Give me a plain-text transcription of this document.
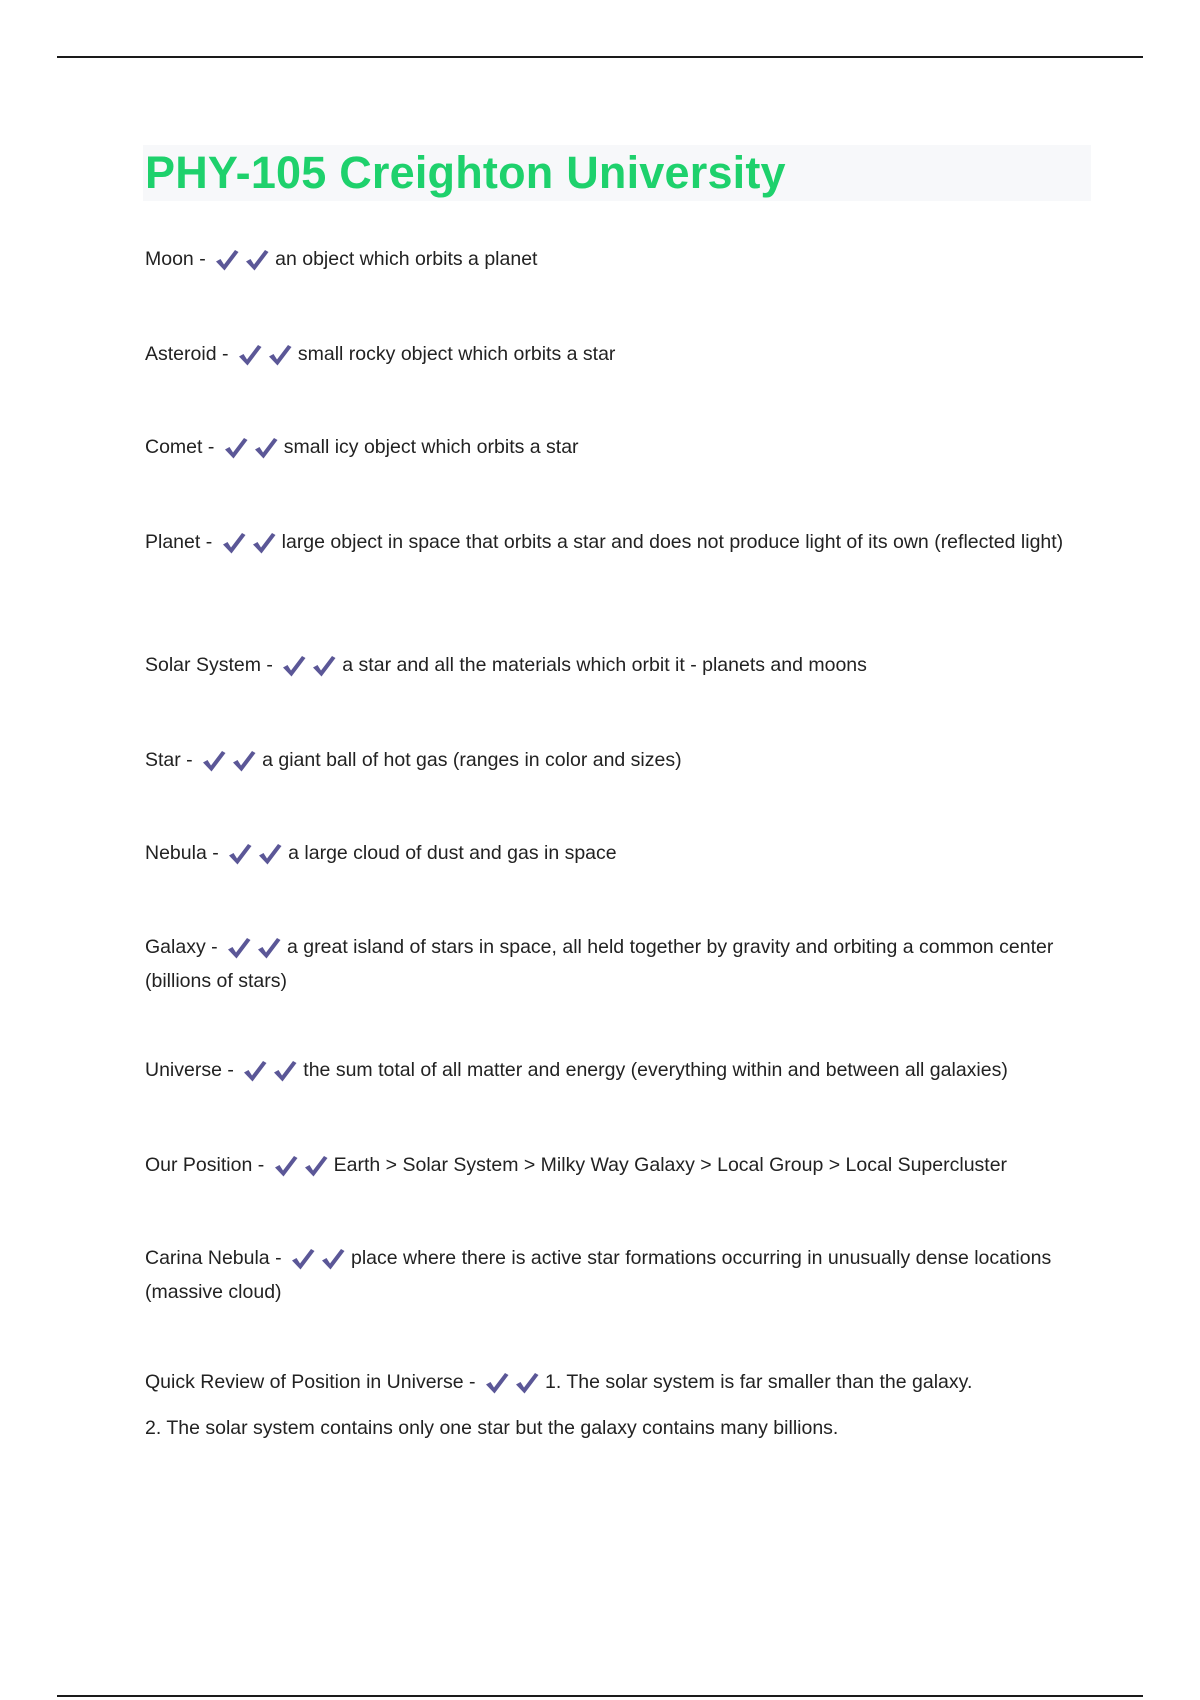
PHY-105 Creighton University
Moon -	an object which orbits a planet
Asteroid -	small rocky object which orbits a star
Comet -	small icy object which orbits a star
Planet -	large object in space that orbits a star and does not produce light of its own (reflected light)
Solar System -	a star and all the materials which orbit it - planets and moons
Star -	a giant ball of hot gas (ranges in color and sizes)
Nebula -	a large cloud of dust and gas in space
Galaxy -	a great island of stars in space, all held together by gravity and orbiting a common center (billions of stars)
Universe -	the sum total of all matter and energy (everything within and between all galaxies)
Our Position -	Earth > Solar System > Milky Way Galaxy > Local Group > Local Supercluster
Carina Nebula -	place where there is active star formations occurring in unusually dense locations (massive cloud)
Quick Review of Position in Universe -	1. The solar system is far smaller than the galaxy.
2. The solar system contains only one star but the galaxy contains many billions.
